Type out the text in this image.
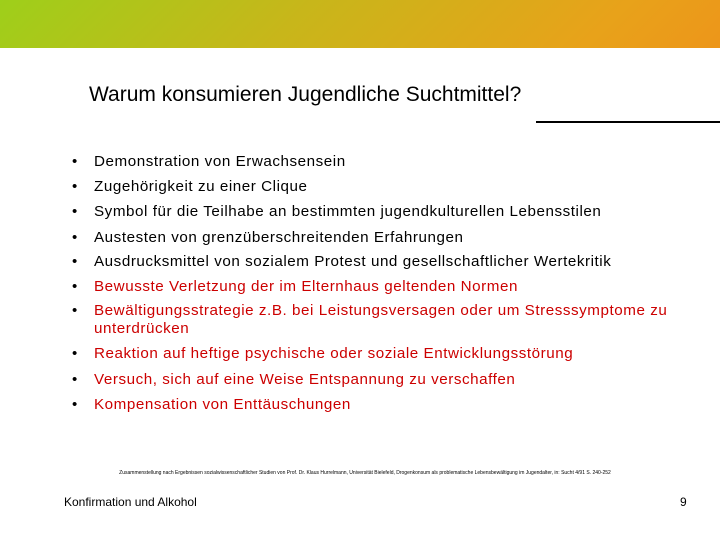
Warum konsumieren Jugendliche Suchtmittel?
• Demonstration von Erwachsensein
• Zugehörigkeit zu einer Clique
• Symbol für die Teilhabe an bestimmten jugendkulturellen Lebensstilen
• Austesten von grenzüberschreitenden Erfahrungen
• Ausdrucksmittel von sozialem Protest und gesellschaftlicher Wertekritik
• Bewusste Verletzung der im Elternhaus geltenden Normen
• Bewältigungsstrategie z.B. bei Leistungsversagen oder um Stresssymptome zu unterdrücken
• Reaktion auf heftige psychische oder soziale Entwicklungsstörung
• Versuch, sich auf eine Weise Entspannung zu verschaffen
• Kompensation von Enttäuschungen
Zusammenstellung nach Ergebnissen sozialwissenschaftlicher Studien von Prof. Dr. Klaus Hurrelmann, Universität Bielefeld, Drogenkonsum als problematische Lebensbewältigung im Jugendalter, in: Sucht 4/91 S. 240-252
Konfirmation und Alkohol	9
